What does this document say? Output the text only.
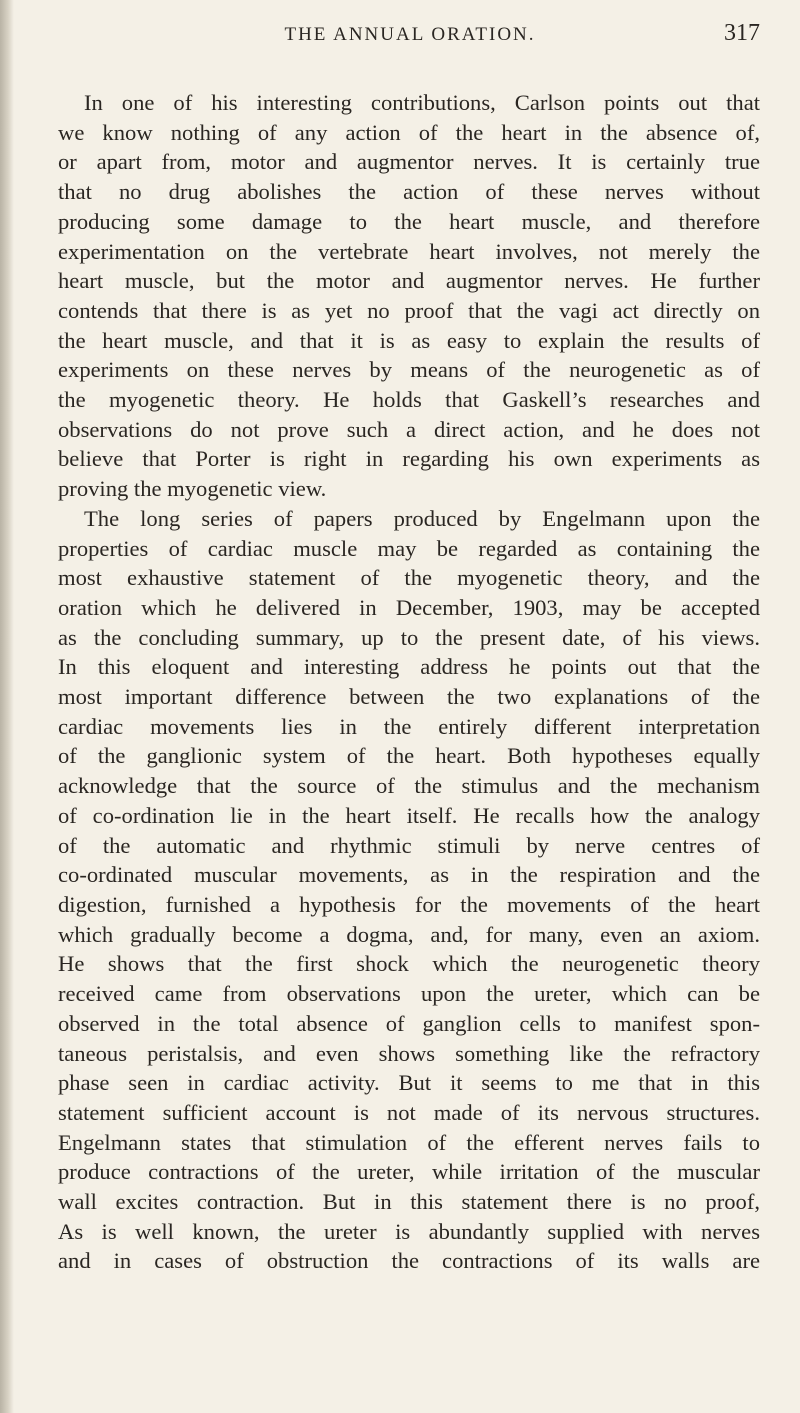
THE ANNUAL ORATION.	317
In one of his interesting contributions, Carlson points out that
we know nothing of any action of the heart in the absence of,
or apart from, motor and augmentor nerves. It is certainly true
that no drug abolishes the action of these nerves without
producing some damage to the heart muscle, and therefore
experimentation on the vertebrate heart involves, not merely the
heart muscle, but the motor and augmentor nerves. He further
contends that there is as yet no proof that the vagi act directly on
the heart muscle, and that it is as easy to explain the results of
experiments on these nerves by means of the neurogenetic as of
the myogenetic theory. He holds that Gaskell’s researches and
observations do not prove such a direct action, and he does not
believe that Porter is right in regarding his own experiments as
proving the myogenetic view.
The long series of papers produced by Engelmann upon the
properties of cardiac muscle may be regarded as containing the
most exhaustive statement of the myogenetic theory, and the
oration which he delivered in December, 1903, may be accepted
as the concluding summary, up to the present date, of his views.
In this eloquent and interesting address he points out that the
most important difference between the two explanations of the
cardiac movements lies in the entirely different interpretation
of the ganglionic system of the heart. Both hypotheses equally
acknowledge that the source of the stimulus and the mechanism
of co-ordination lie in the heart itself. He recalls how the analogy
of the automatic and rhythmic stimuli by nerve centres of
co-ordinated muscular movements, as in the respiration and the
digestion, furnished a hypothesis for the movements of the heart
which gradually become a dogma, and, for many, even an axiom.
He shows that the first shock which the neurogenetic theory
received came from observations upon the ureter, which can be
observed in the total absence of ganglion cells to manifest spon-
taneous peristalsis, and even shows something like the refractory
phase seen in cardiac activity. But it seems to me that in this
statement sufficient account is not made of its nervous structures.
Engelmann states that stimulation of the efferent nerves fails to
produce contractions of the ureter, while irritation of the muscular
wall excites contraction. But in this statement there is no proof,
As is well known, the ureter is abundantly supplied with nerves
and in cases of obstruction the contractions of its walls are
